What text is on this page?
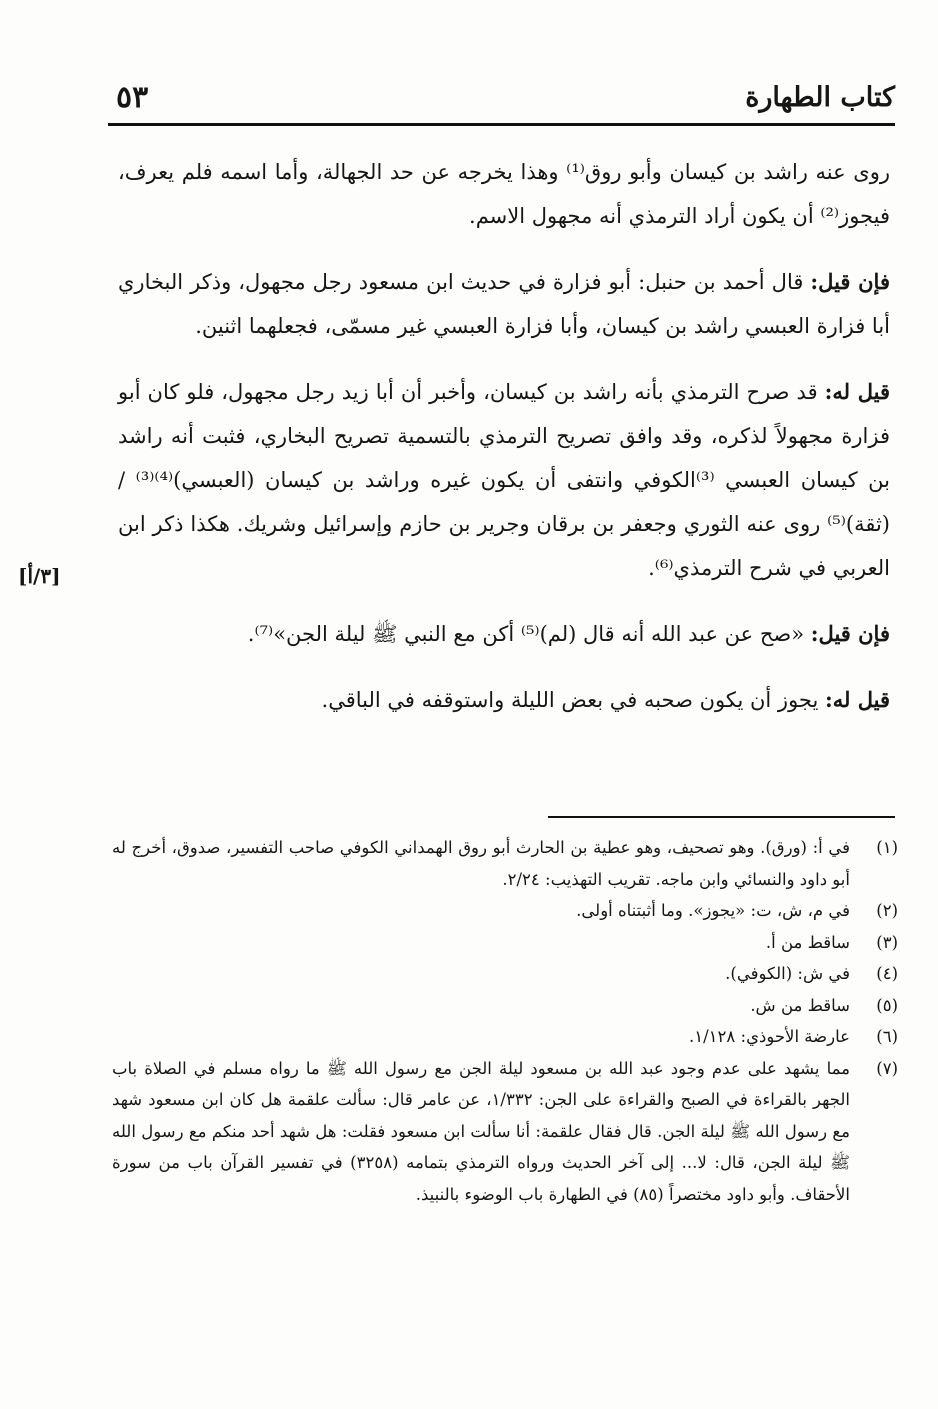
كتاب الطهارة
٥٣
[٣/أ]

روى عنه راشد بن كيسان وأبو روق⁽¹⁾ وهذا يخرجه عن حد الجهالة، وأما اسمه فلم يعرف، فيجوز⁽²⁾ أن يكون أراد الترمذي أنه مجهول الاسم.

فإن قيل: قال أحمد بن حنبل: أبو فزارة في حديث ابن مسعود رجل مجهول، وذكر البخاري أبا فزارة العبسي راشد بن كيسان، وأبا فزارة العبسي غير مسمّى، فجعلهما اثنين.

قيل له: قد صرح الترمذي بأنه راشد بن كيسان، وأخبر أن أبا زيد رجل مجهول، فلو كان أبو فزارة مجهولاً لذكره، وقد وافق تصريح الترمذي بالتسمية تصريح البخاري، فثبت أنه راشد بن كيسان العبسي ⁽³⁾الكوفي وانتفى أن يكون غيره وراشد بن كيسان (العبسي)⁽⁴⁾⁽³⁾ / (ثقة)⁽⁵⁾ روى عنه الثوري وجعفر بن برقان وجرير بن حازم وإسرائيل وشريك. هكذا ذكر ابن العربي في شرح الترمذي⁽⁶⁾.

فإن قيل: «صح عن عبد الله أنه قال (لم)⁽⁵⁾ أكن مع النبي ﷺ ليلة الجن»⁽⁷⁾.

قيل له: يجوز أن يكون صحبه في بعض الليلة واستوقفه في الباقي.

(١)
في أ: (ورق). وهو تصحيف، وهو عطية بن الحارث أبو روق الهمداني الكوفي صاحب التفسير، صدوق، أخرج له أبو داود والنسائي وابن ماجه. تقريب التهذيب: ٢/٢٤.
(٢)
في م، ش، ت: «يجوز». وما أثبتناه أولى.
(٣)
ساقط من أ.
(٤)
في ش: (الكوفي).
(٥)
ساقط من ش.
(٦)
عارضة الأحوذي: ١/١٢٨.
(٧)
مما يشهد على عدم وجود عبد الله بن مسعود ليلة الجن مع رسول الله ﷺ ما رواه مسلم في الصلاة باب الجهر بالقراءة في الصبح والقراءة على الجن: ١/٣٣٢، عن عامر قال: سألت علقمة هل كان ابن مسعود شهد مع رسول الله ﷺ ليلة الجن. قال فقال علقمة: أنا سألت ابن مسعود فقلت: هل شهد أحد منكم مع رسول الله ﷺ ليلة الجن، قال: لا... إلى آخر الحديث ورواه الترمذي بتمامه (٣٢٥٨) في تفسير القرآن باب من سورة الأحقاف. وأبو داود مختصراً (٨٥) في الطهارة باب الوضوء بالنبيذ.
